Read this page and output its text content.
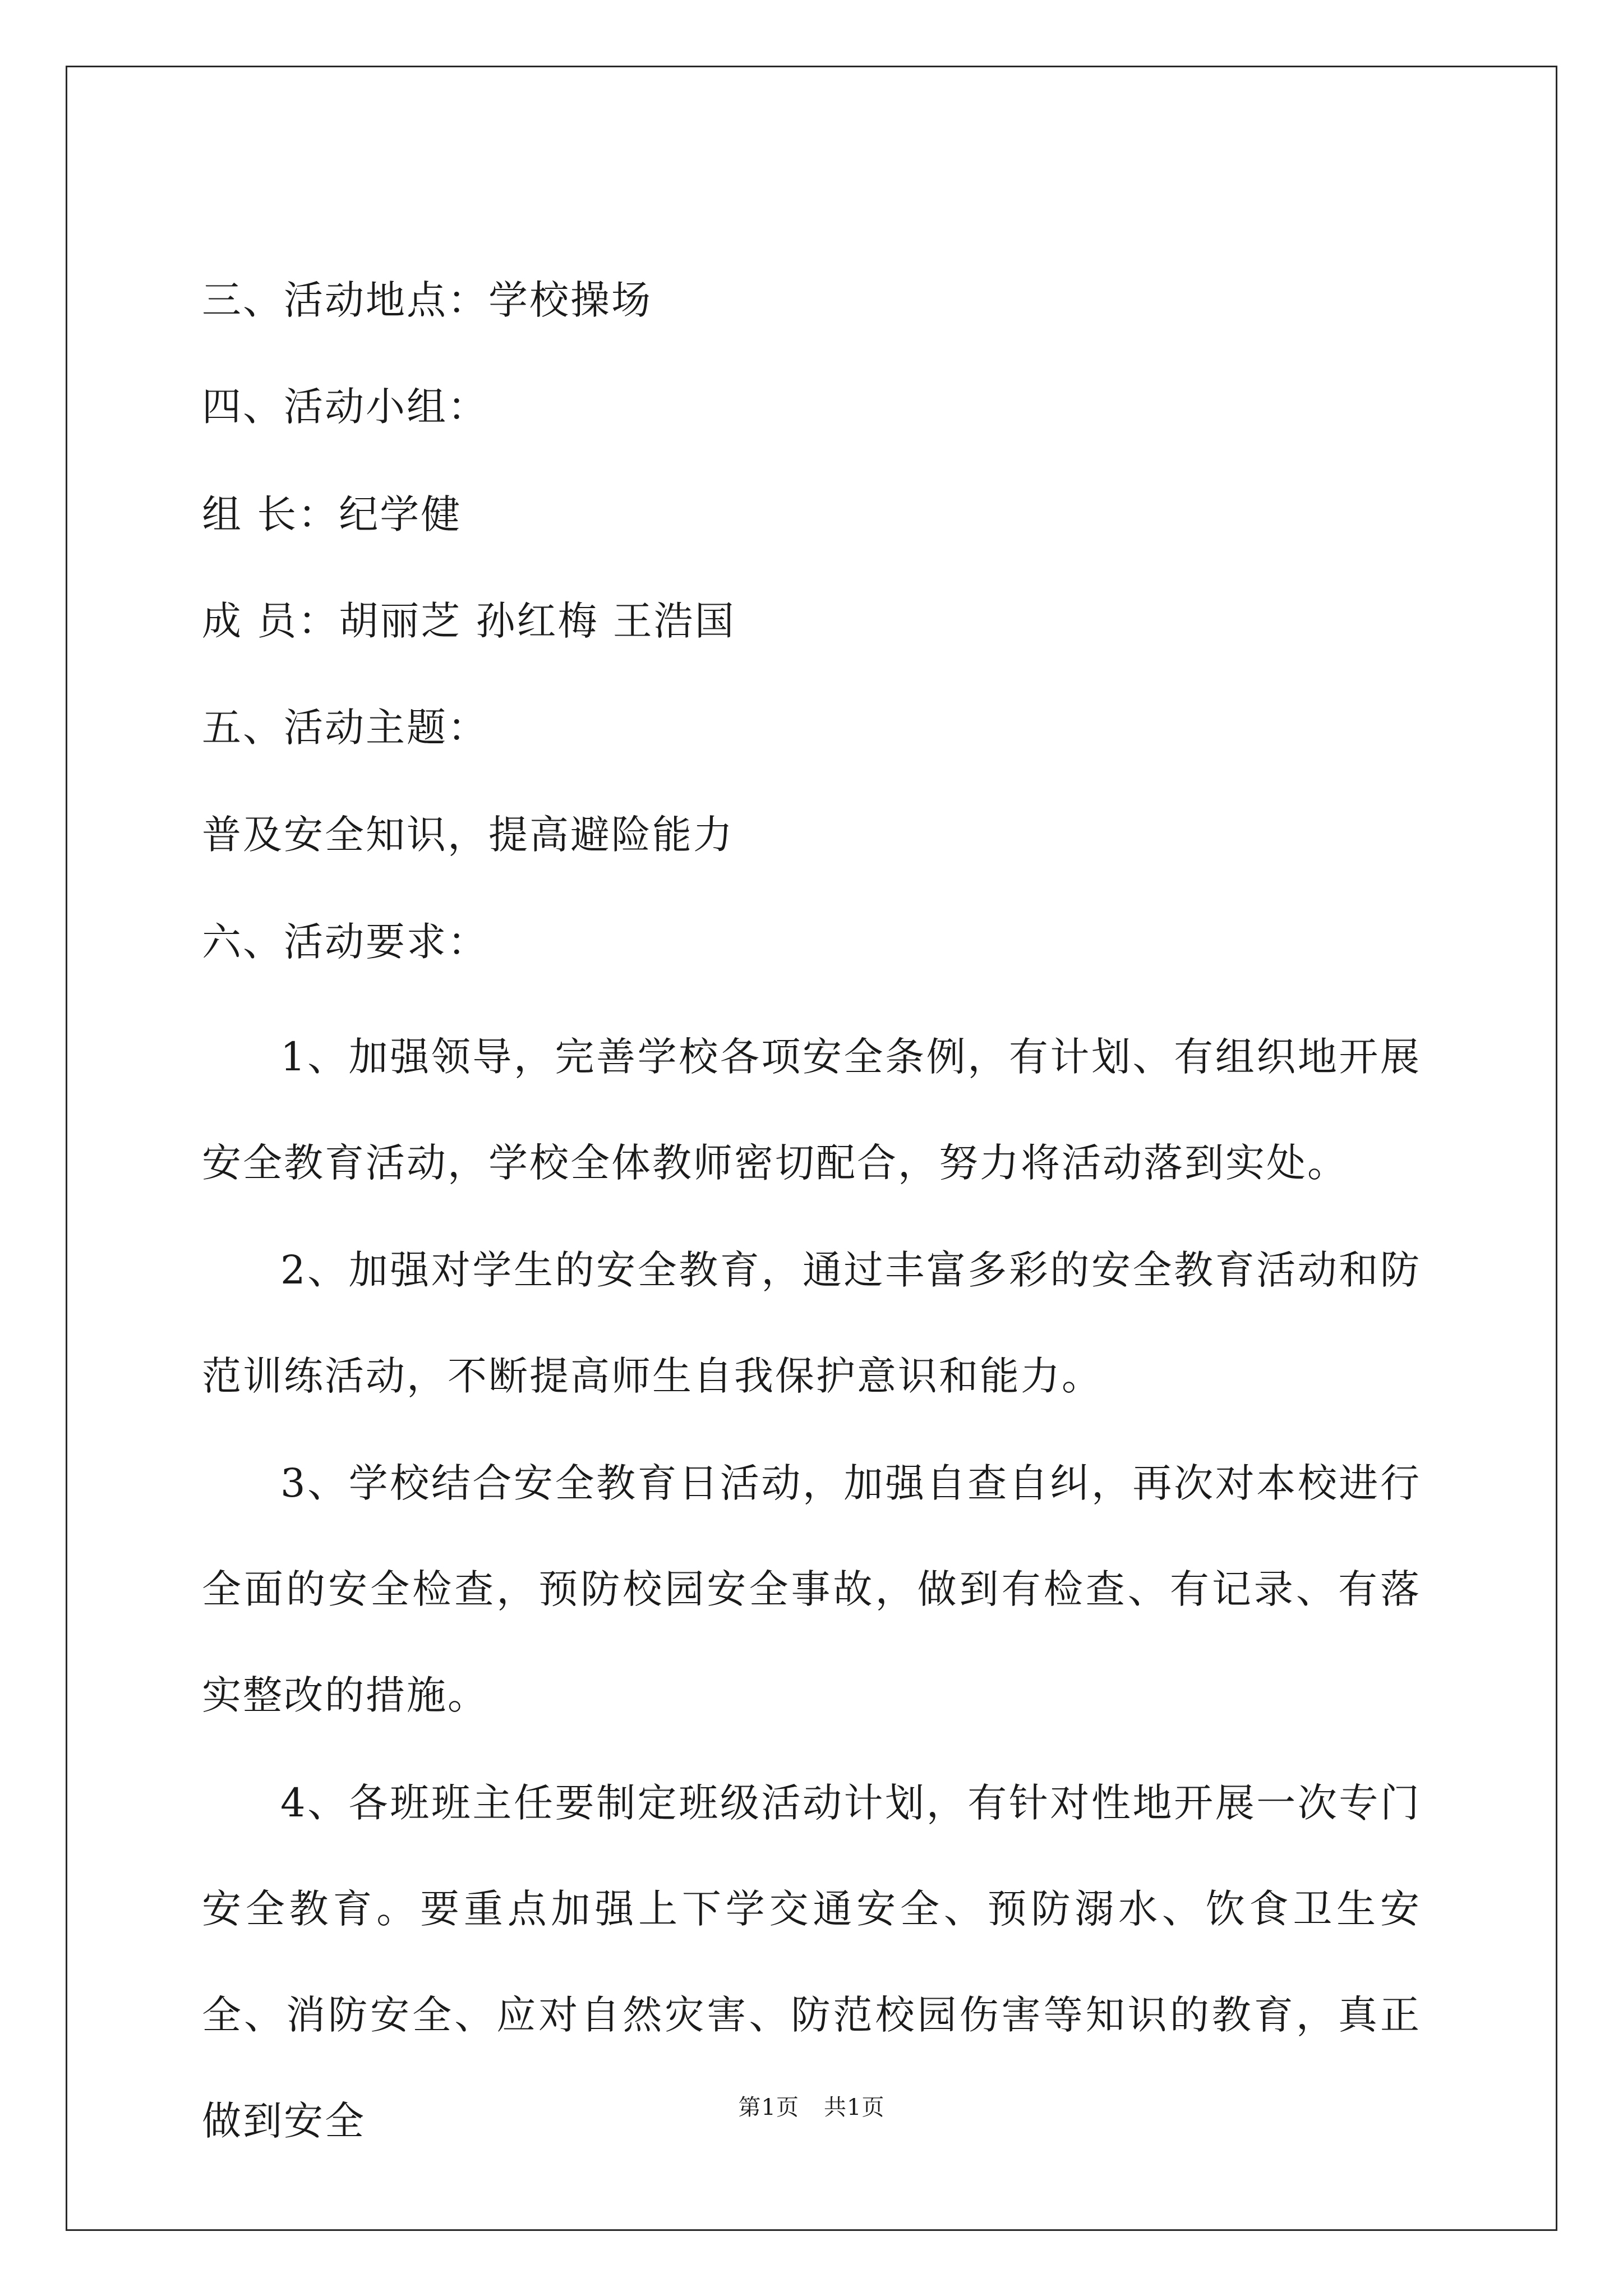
三、活动地点：学校操场
四、活动小组：
组 长：纪学健
成 员：胡丽芝 孙红梅 王浩国
五、活动主题：
普及安全知识，提高避险能力
六、活动要求：

1、加强领导，完善学校各项安全条例，有计划、有组织地开展安全教育活动，学校全体教师密切配合，努力将活动落到实处。

2、加强对学生的安全教育，通过丰富多彩的安全教育活动和防范训练活动，不断提高师生自我保护意识和能力。

3、学校结合安全教育日活动，加强自查自纠，再次对本校进行全面的安全检查，预防校园安全事故，做到有检查、有记录、有落实整改的措施。

4、各班班主任要制定班级活动计划，有针对性地开展一次专门安全教育。要重点加强上下学交通安全、预防溺水、饮食卫生安全、消防安全、应对自然灾害、防范校园伤害等知识的教育，真正做到安全	第1页 共1页
